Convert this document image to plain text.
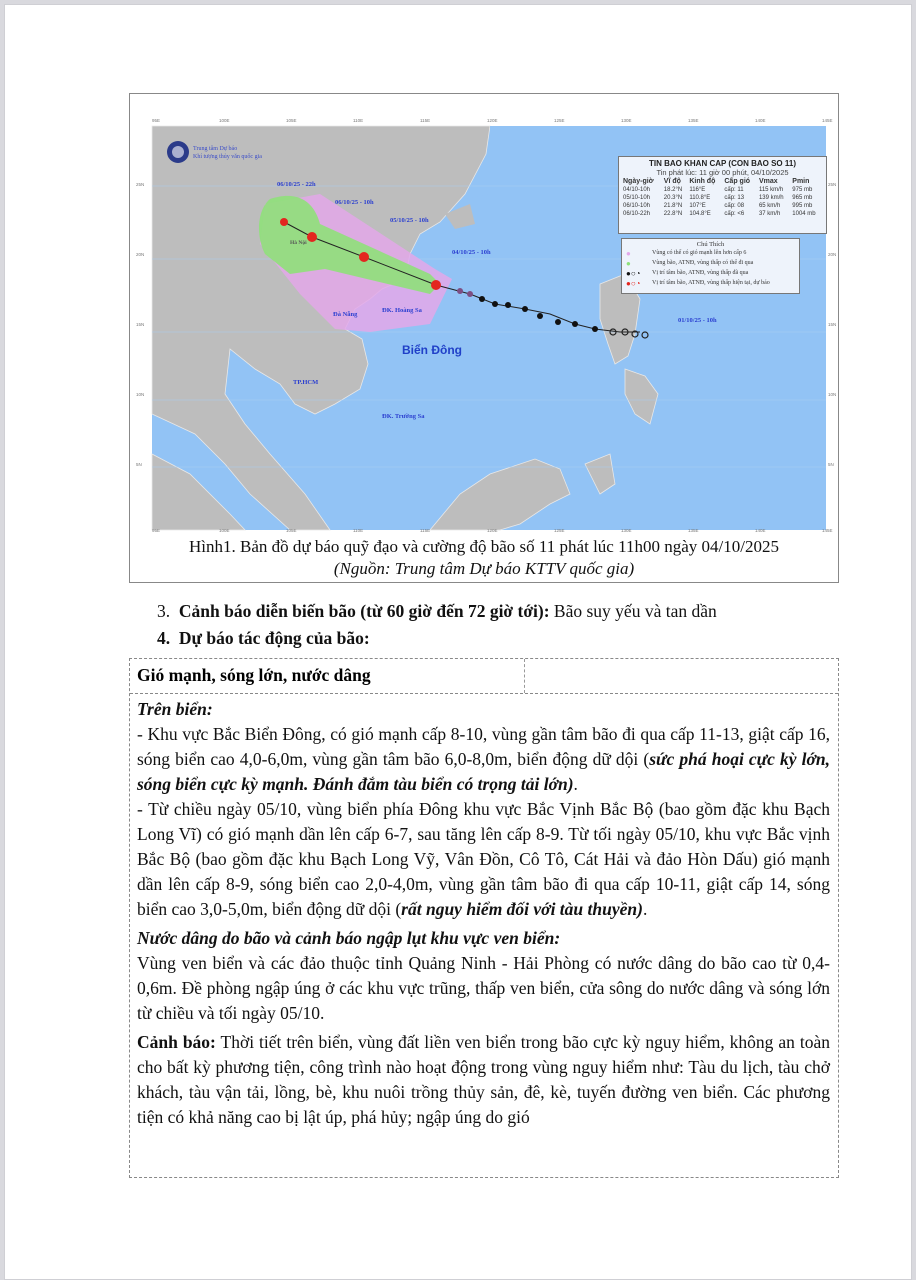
Trung tâm Dự báo
Khí tượng thủy văn quốc gia
06/10/25 - 22h
06/10/25 - 10h
05/10/25 - 10h
04/10/25 - 10h
01/10/25 - 10h
Đà Nẵng
ĐK. Hoàng Sa
TP.HCM
ĐK. Trường Sa
Hà Nội
Biển Đông
95E
95E
100E
100E
105E
105E
110E
110E
115E
115E
120E
120E
125E
125E
130E
130E
135E
135E
140E
140E
145E
145E
25N	25N
20N	20N
15N	15N
10N	10N
5N	5N
TIN BAO KHAN CAP (CON BAO SO 11)
Tin phát lúc: 11 giờ 00 phút, 04/10/2025
Ngày-giờ	Vĩ độ	Kinh độ	Cấp gió	Vmax	Pmin
04/10-10h	18.2°N	116°E	cấp: 11	115 km/h	975 mb
05/10-10h	20.3°N	110.8°E	cấp: 13	139 km/h	965 mb
06/10-10h	21.8°N	107°E	cấp: 08	65 km/h	995 mb
06/10-22h	22.8°N	104.8°E	cấp: <6	37 km/h	1004 mb
Chú Thích
●	Vùng có thể có gió mạnh lên hơn cấp 6
●	Vùng bão, ATNĐ, vùng thấp có thể đi qua
●○◔	Vị trí tâm bão, ATNĐ, vùng thấp đã qua
●○◔	Vị trí tâm bão, ATNĐ, vùng thấp hiện tại, dự báo
Hình1. Bản đồ dự báo quỹ đạo và cường độ bão số 11 phát lúc 11h00 ngày 04/10/2025
(Nguồn: Trung tâm Dự báo KTTV quốc gia)
3. Cảnh báo diễn biến bão (từ 60 giờ đến 72 giờ tới): Bão suy yếu và tan dần
4. Dự báo tác động của bão:
Gió mạnh, sóng lớn, nước dâng

Trên biển:

- Khu vực Bắc Biển Đông, có gió mạnh cấp 8-10, vùng gần tâm bão đi qua cấp 11-13, giật cấp 16, sóng biển cao 4,0-6,0m, vùng gần tâm bão 6,0-8,0m, biển động dữ dội (sức phá hoại cực kỳ lớn, sóng biển cực kỳ mạnh. Đánh đắm tàu biển có trọng tải lớn).

- Từ chiều ngày 05/10, vùng biển phía Đông khu vực Bắc Vịnh Bắc Bộ (bao gồm đặc khu Bạch Long Vĩ) có gió mạnh dần lên cấp 6-7, sau tăng lên cấp 8-9. Từ tối ngày 05/10, khu vực Bắc vịnh Bắc Bộ (bao gồm đặc khu Bạch Long Vỹ, Vân Đồn, Cô Tô, Cát Hải và đảo Hòn Dấu) gió mạnh dần lên cấp 8-9, sóng biển cao 2,0-4,0m, vùng gần tâm bão đi qua cấp 10-11, giật cấp 14, sóng biển cao 3,0-5,0m, biển động dữ dội (rất nguy hiểm đối với tàu thuyền).

Nước dâng do bão và cảnh báo ngập lụt khu vực ven biển:

Vùng ven biển và các đảo thuộc tỉnh Quảng Ninh - Hải Phòng có nước dâng do bão cao từ 0,4-0,6m. Đề phòng ngập úng ở các khu vực trũng, thấp ven biển, cửa sông do nước dâng và sóng lớn từ chiều và tối ngày 05/10.

Cảnh báo: Thời tiết trên biển, vùng đất liền ven biển trong bão cực kỳ nguy hiểm, không an toàn cho bất kỳ phương tiện, công trình nào hoạt động trong vùng nguy hiểm như: Tàu du lịch, tàu chở khách, tàu vận tải, lồng, bè, khu nuôi trồng thủy sản, đê, kè, tuyến đường ven biển. Các phương tiện có khả năng cao bị lật úp, phá hủy; ngập úng do gió
